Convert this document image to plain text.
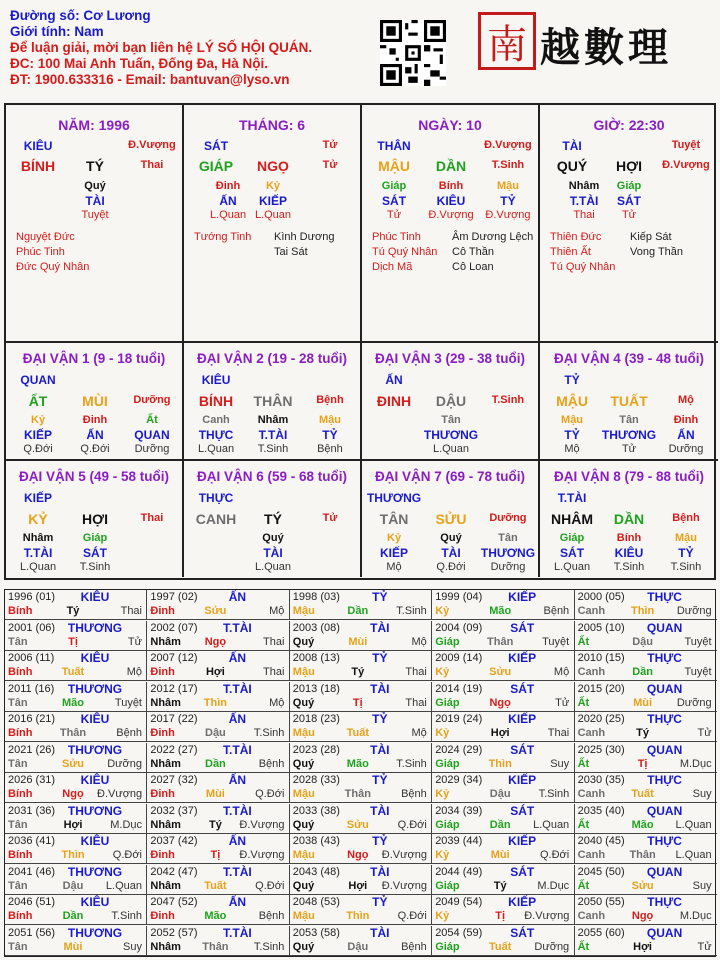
Đường số: Cơ Lương
Giới tính: Nam
Để luận giải, mời bạn liên hệ LÝ SỐ HỘI QUÁN.
ĐC: 100 Mai Anh Tuấn, Đống Đa, Hà Nội.
ĐT: 1900.633316 - Email: bantuvan@lyso.vn
南 越數理
NĂM: 1996
KIÊU	Đ.Vượng
BÍNH	TÝ	Thai
Quý
TÀI
Tuyệt
Nguyệt Đức
Phúc Tinh
Đức Quý Nhân
THÁNG: 6
SÁT	Tử
GIÁP	NGỌ	Tử
Đinh
ẤN
L.Quan
Kỷ
KIẾP
L.Quan
Tướng Tinh Kình Dương
Tai Sát
NGÀY: 10
THÂN	Đ.Vượng
MẬU	DẦN	T.Sinh
Giáp
SÁT
Tử
Bính
KIÊU
Đ.Vượng
Mậu
TỶ
Đ.Vượng
Phúc Tinh
Tú Quý Nhân
Dịch Mã
Âm Dương Lệch
Cô Thần
Cô Loan
GIỜ: 22:30
TÀI	Tuyệt
QUÝ	HỢI	Đ.Vượng
Nhâm
T.TÀI
Thai
Giáp
SÁT
Tử
Thiên Đức
Thiên Ất
Tú Quý Nhân
Kiếp Sát
Vong Thần
ĐẠI VẬN 1 (9 - 18 tuổi)
QUAN
ẤT	MÙI	Dưỡng
Kỷ
KIẾP
Q.Đới
Đinh
ẤN
Q.Đới
Ất
QUAN
Dưỡng
ĐẠI VẬN 2 (19 - 28 tuổi)
KIÊU
BÍNH	THÂN	Bệnh
Canh
THỰC
L.Quan
Nhâm
T.TÀI
T.Sinh
Mậu
TỶ
Bệnh
ĐẠI VẬN 3 (29 - 38 tuổi)
ẤN
ĐINH	DẬU	T.Sinh
Tân
THƯƠNG
L.Quan
ĐẠI VẬN 4 (39 - 48 tuổi)
TỶ
MẬU	TUẤT	Mộ
Mậu
TỶ
Mộ
Tân
THƯƠNG
Tử
Đinh
ẤN
Dưỡng
ĐẠI VẬN 5 (49 - 58 tuổi)
KIẾP
KỶ	HỢI	Thai
Nhâm
T.TÀI
L.Quan
Giáp
SÁT
T.Sinh
ĐẠI VẬN 6 (59 - 68 tuổi)
THỰC
CANH	TÝ	Tử
Quý
TÀI
L.Quan
ĐẠI VẬN 7 (69 - 78 tuổi)
THƯƠNG
TÂN	SỬU	Dưỡng
Kỷ
KIẾP
Mộ
Quý
TÀI
Q.Đới
Tân
THƯƠNG
Dưỡng
ĐẠI VẬN 8 (79 - 88 tuổi)
T.TÀI
NHÂM	DẦN	Bệnh
Giáp
SÁT
L.Quan
Bính
KIÊU
T.Sinh
Mậu
TỶ
T.Sinh
1996 (01)	KIÊU
Bính	Tý	Thai
1997 (02)	ẤN
Đinh	Sửu	Mộ
1998 (03)	TỶ
Mậu	Dần	T.Sinh
1999 (04)	KIẾP
Kỷ	Mão	Bệnh
2000 (05)	THỰC
Canh	Thìn	Dưỡng
2001 (06)	THƯƠNG
Tân	Tị	Tử
2002 (07)	T.TÀI
Nhâm	Ngọ	Thai
2003 (08)	TÀI
Quý	Mùi	Mộ
2004 (09)	SÁT
Giáp	Thân	Tuyệt
2005 (10)	QUAN
Ất	Dậu	Tuyệt
2006 (11)	KIÊU
Bính	Tuất	Mộ
2007 (12)	ẤN
Đinh	Hợi	Thai
2008 (13)	TỶ
Mậu	Tý	Thai
2009 (14)	KIẾP
Kỷ	Sửu	Mộ
2010 (15)	THỰC
Canh	Dần	Tuyệt
2011 (16)	THƯƠNG
Tân	Mão	Tuyệt
2012 (17)	T.TÀI
Nhâm	Thìn	Mộ
2013 (18)	TÀI
Quý	Tị	Thai
2014 (19)	SÁT
Giáp	Ngọ	Tử
2015 (20)	QUAN
Ất	Mùi	Dưỡng
2016 (21)	KIÊU
Bính	Thân	Bệnh
2017 (22)	ẤN
Đinh	Dậu	T.Sinh
2018 (23)	TỶ
Mậu	Tuất	Mộ
2019 (24)	KIẾP
Kỷ	Hợi	Thai
2020 (25)	THỰC
Canh	Tý	Tử
2021 (26)	THƯƠNG
Tân	Sửu	Dưỡng
2022 (27)	T.TÀI
Nhâm	Dần	Bệnh
2023 (28)	TÀI
Quý	Mão	T.Sinh
2024 (29)	SÁT
Giáp	Thìn	Suy
2025 (30)	QUAN
Ất	Tị	M.Dục
2026 (31)	KIÊU
Bính	Ngọ	Đ.Vượng
2027 (32)	ẤN
Đinh	Mùi	Q.Đới
2028 (33)	TỶ
Mậu	Thân	Bệnh
2029 (34)	KIẾP
Kỷ	Dậu	T.Sinh
2030 (35)	THỰC
Canh	Tuất	Suy
2031 (36)	THƯƠNG
Tân	Hợi	M.Dục
2032 (37)	T.TÀI
Nhâm	Tý	Đ.Vượng
2033 (38)	TÀI
Quý	Sửu	Q.Đới
2034 (39)	SÁT
Giáp	Dần	L.Quan
2035 (40)	QUAN
Ất	Mão	L.Quan
2036 (41)	KIÊU
Bính	Thìn	Q.Đới
2037 (42)	ẤN
Đinh	Tị	Đ.Vượng
2038 (43)	TỶ
Mậu	Ngọ	Đ.Vượng
2039 (44)	KIẾP
Kỷ	Mùi	Q.Đới
2040 (45)	THỰC
Canh	Thân	L.Quan
2041 (46)	THƯƠNG
Tân	Dậu	L.Quan
2042 (47)	T.TÀI
Nhâm	Tuất	Q.Đới
2043 (48)	TÀI
Quý	Hợi	Đ.Vượng
2044 (49)	SÁT
Giáp	Tý	M.Dục
2045 (50)	QUAN
Ất	Sửu	Suy
2046 (51)	KIÊU
Bính	Dần	T.Sinh
2047 (52)	ẤN
Đinh	Mão	Bệnh
2048 (53)	TỶ
Mậu	Thìn	Q.Đới
2049 (54)	KIẾP
Kỷ	Tị	Đ.Vượng
2050 (55)	THỰC
Canh	Ngọ	M.Dục
2051 (56)	THƯƠNG
Tân	Mùi	Suy
2052 (57)	T.TÀI
Nhâm	Thân	T.Sinh
2053 (58)	TÀI
Quý	Dậu	Bệnh
2054 (59)	SÁT
Giáp	Tuất	Dưỡng
2055 (60)	QUAN
Ất	Hợi	Tử
